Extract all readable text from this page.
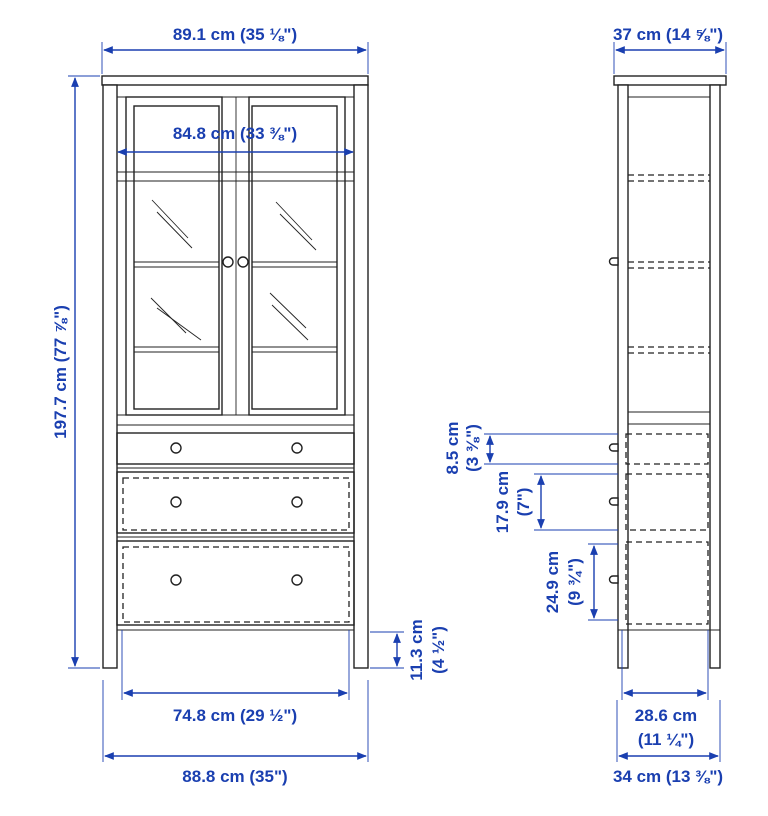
89.1 cm (35 ⅛")
84.8 cm (33 ⅜")
197.7 cm (77 ⅞")
11.3 cm (4 ½")
74.8 cm (29 ½")
88.8 cm (35")
37 cm (14 ⅝")
8.5 cm (3 ⅜")
17.9 cm (7")
24.9 cm (9 ¾")
28.6 cm
(11 ¼")
34 cm (13 ⅜")
